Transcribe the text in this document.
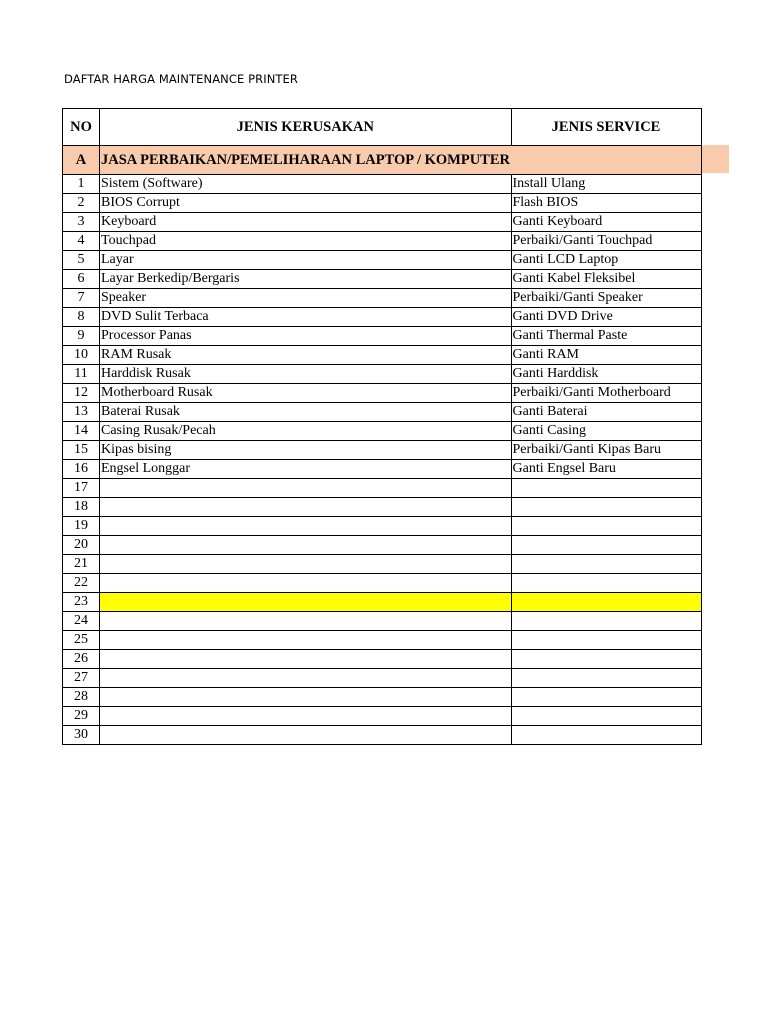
DAFTAR HARGA MAINTENANCE PRINTER
NO	JENIS KERUSAKAN	JENIS SERVICE
A	JASA PERBAIKAN/PEMELIHARAAN LAPTOP / KOMPUTER	
1	Sistem (Software)	Install Ulang
2	BIOS Corrupt	Flash BIOS
3	Keyboard	Ganti Keyboard
4	Touchpad	Perbaiki/Ganti Touchpad
5	Layar	Ganti LCD Laptop
6	Layar Berkedip/Bergaris	Ganti Kabel Fleksibel
7	Speaker	Perbaiki/Ganti Speaker
8	DVD Sulit Terbaca	Ganti DVD Drive
9	Processor Panas	Ganti Thermal Paste
10	RAM Rusak	Ganti RAM
11	Harddisk Rusak	Ganti Harddisk
12	Motherboard Rusak	Perbaiki/Ganti Motherboard
13	Baterai Rusak	Ganti Baterai
14	Casing Rusak/Pecah	Ganti Casing
15	Kipas bising	Perbaiki/Ganti Kipas Baru
16	Engsel Longgar	Ganti Engsel Baru
17		
18		
19		
20		
21		
22		
23		
24		
25		
26		
27		
28		
29		
30		
